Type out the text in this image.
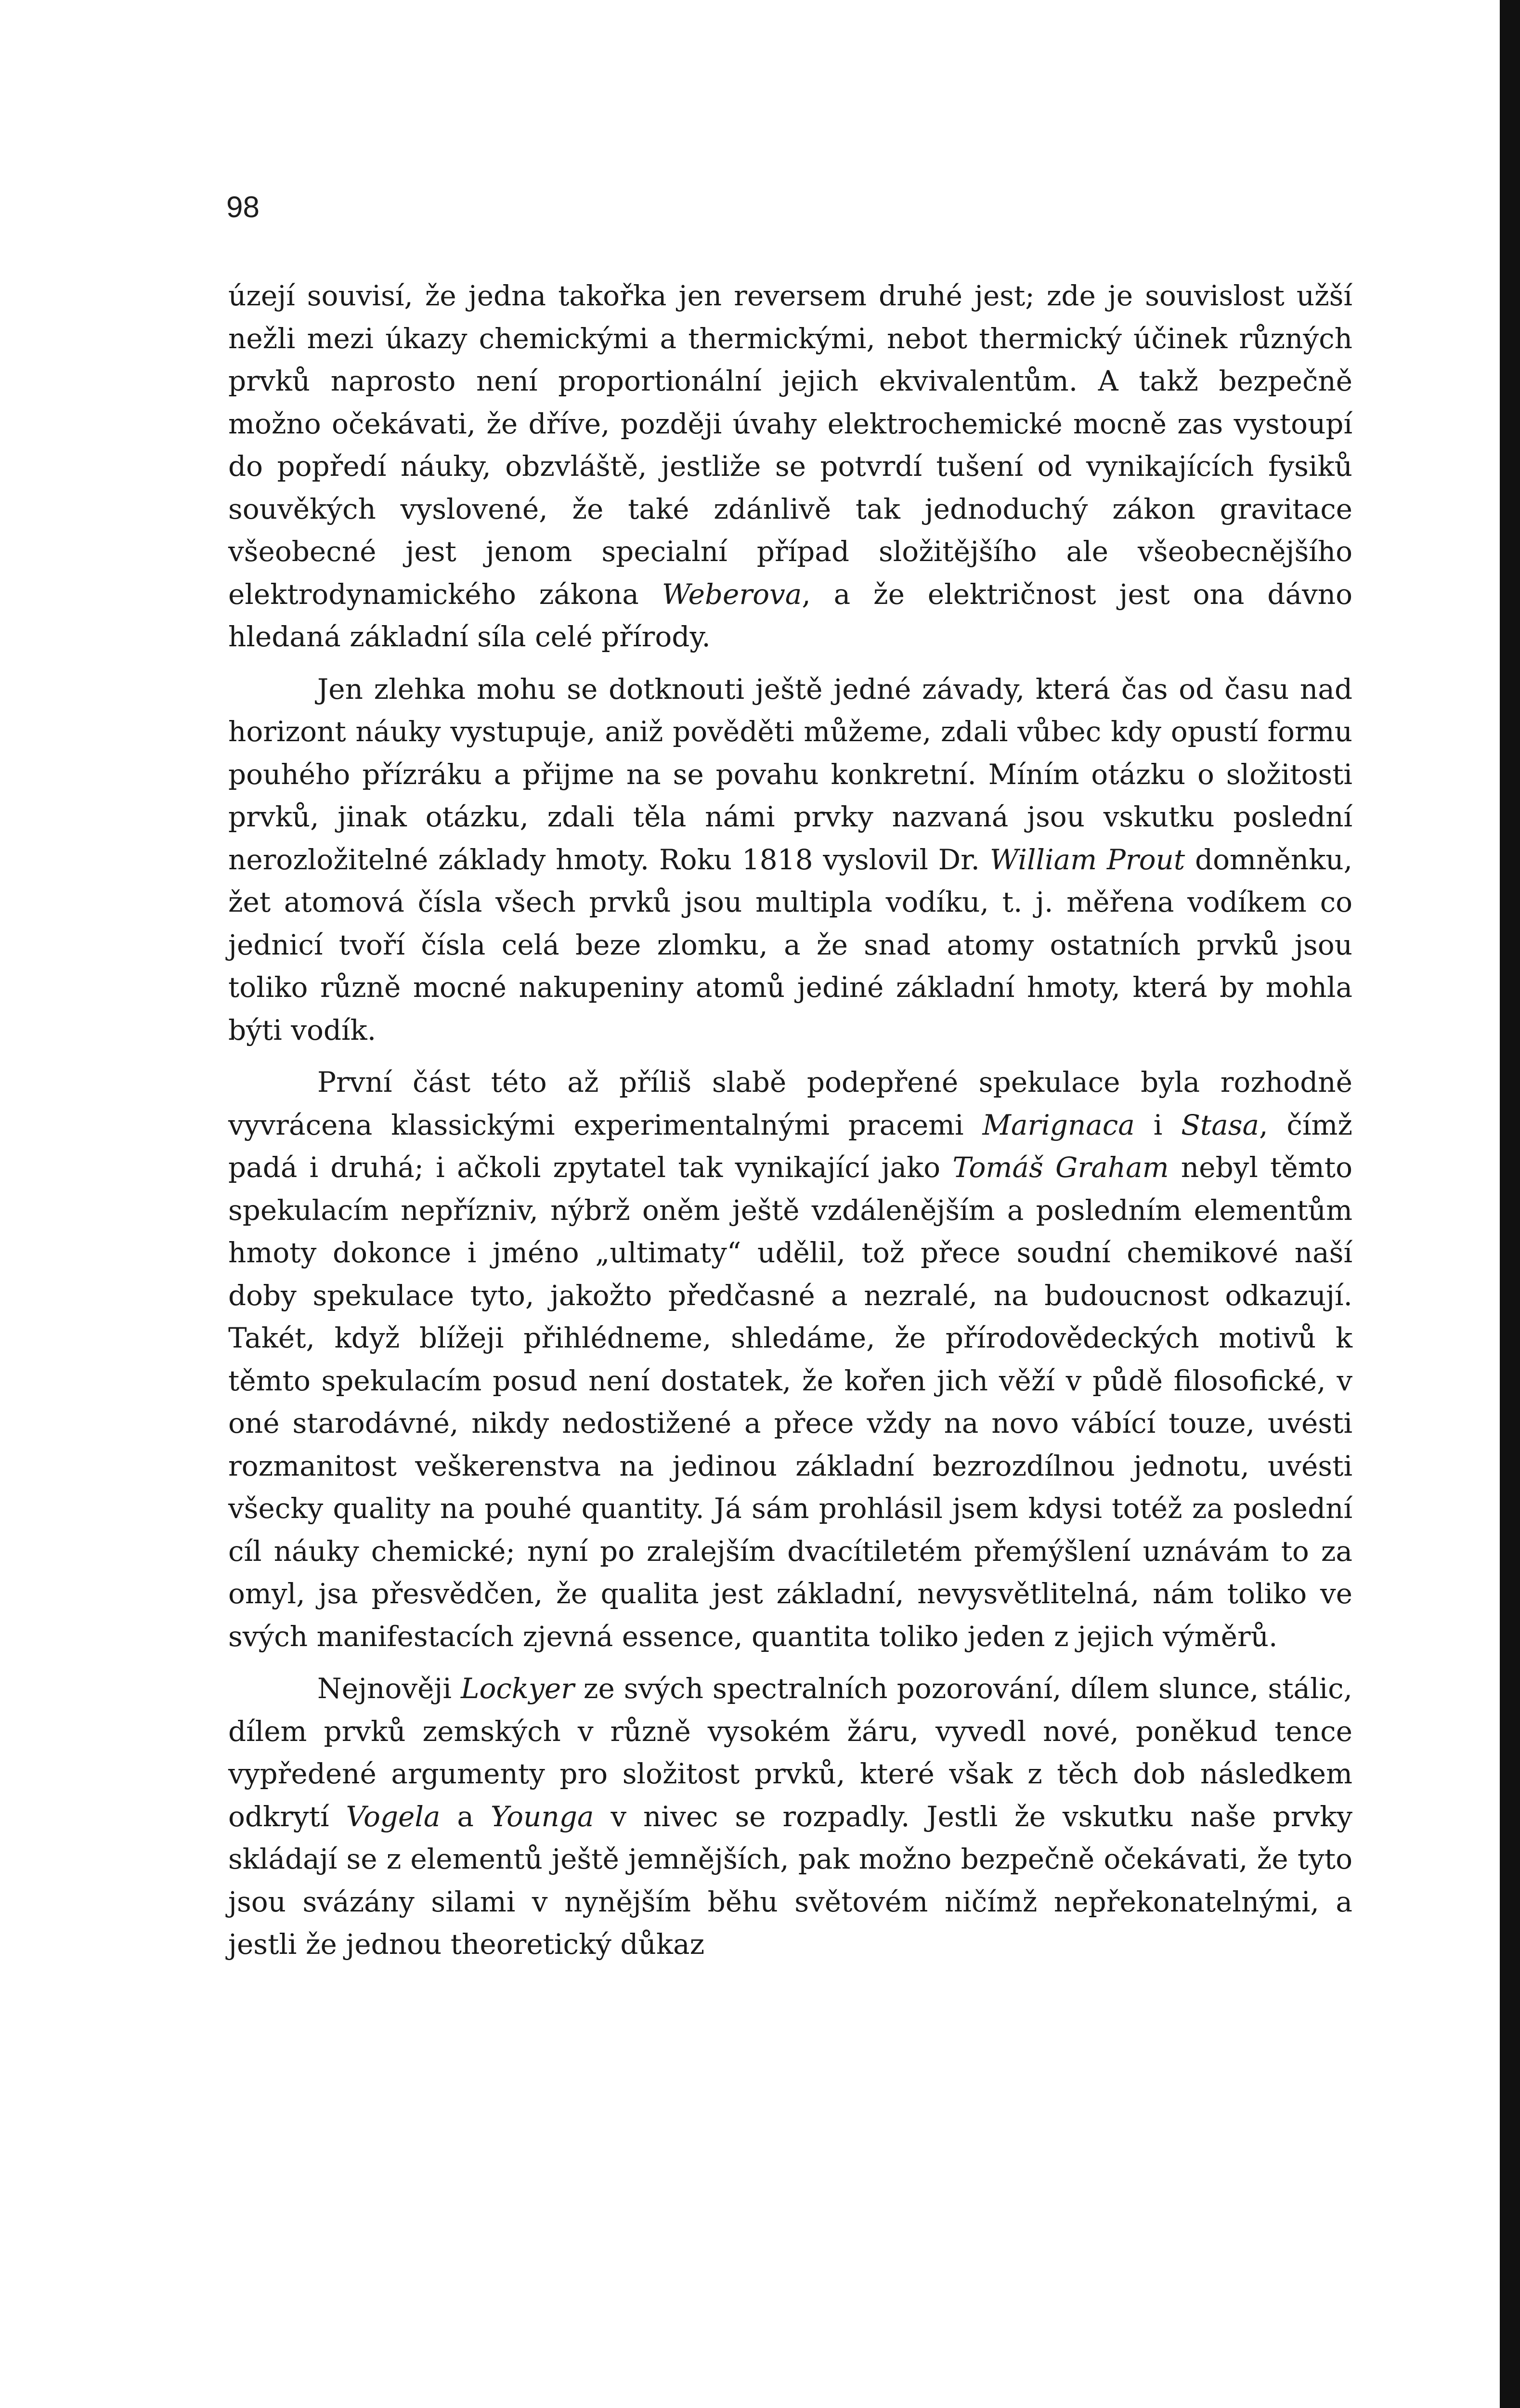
98

úzejí souvisí, že jedna takořka jen reversem druhé jest; zde je souvislost užší nežli mezi úkazy chemickými a thermickými, nebot thermický účinek různých prvků naprosto není proportionální jejich ekvivalentům. A takž bezpečně možno očekávati, že dříve, později úvahy elektrochemické mocně zas vystoupí do popředí náuky, obzvláště, jestliže se potvrdí tušení od vynikajících fysiků souvěkých vyslovené, že také zdánlivě tak jednoduchý zákon gravitace všeobecné jest jenom specialní případ složitějšího ale všeobecnějšího elektrodynamického zákona Weberova, a že električnost jest ona dávno hledaná základní síla celé přírody.

Jen zlehka mohu se dotknouti ještě jedné závady, která čas od času nad horizont náuky vystupuje, aniž pověděti můžeme, zdali vůbec kdy opustí formu pouhého přízráku a přijme na se povahu konkretní. Míním otázku o složitosti prvků, jinak otázku, zdali těla námi prvky nazvaná jsou vskutku poslední nerozložitelné základy hmoty. Roku 1818 vyslovil Dr. William Prout domněnku, žet atomová čísla všech prvků jsou multipla vodíku, t. j. měřena vodíkem co jednicí tvoří čísla celá beze zlomku, a že snad atomy ostatních prvků jsou toliko různě mocné nakupeniny atomů jediné základní hmoty, která by mohla býti vodík.

První část této až příliš slabě podepřené spekulace byla rozhodně vyvrácena klassickými experimentalnými pracemi Marignaca i Stasa, čímž padá i druhá; i ačkoli zpytatel tak vynikající jako Tomáš Graham nebyl těmto spekulacím nepřízniv, nýbrž oněm ještě vzdálenějším a posledním elementům hmoty dokonce i jméno „ultimaty“ udělil, tož přece soudní chemikové naší doby spekulace tyto, jakožto předčasné a nezralé, na budoucnost odkazují. Takét, když blížeji přihlédneme, shledáme, že přírodovědeckých motivů k těmto spekulacím posud není dostatek, že kořen jich věží v půdě filosofické, v oné starodávné, nikdy nedostižené a přece vždy na novo vábící touze, uvésti rozmanitost veškerenstva na jedinou základní bezrozdílnou jednotu, uvésti všecky quality na pouhé quantity. Já sám prohlásil jsem kdysi totéž za poslední cíl náuky chemické; nyní po zralejším dvacítiletém přemýšlení uznávám to za omyl, jsa přesvědčen, že qualita jest základní, nevysvětlitelná, nám toliko ve svých manifestacích zjevná essence, quantita toliko jeden z jejich výměrů.

Nejnověji Lockyer ze svých spectralních pozorování, dílem slunce, stálic, dílem prvků zemských v různě vysokém žáru, vyvedl nové, poněkud tence vypředené argumenty pro složitost prvků, které však z těch dob následkem odkrytí Vogela a Younga v nivec se rozpadly. Jestli že vskutku naše prvky skládají se z elementů ještě jemnějších, pak možno bezpečně očekávati, že tyto jsou svázány silami v nynějším běhu světovém ničímž nepřekonatelnými, a jestli že jednou theoretický důkaz
